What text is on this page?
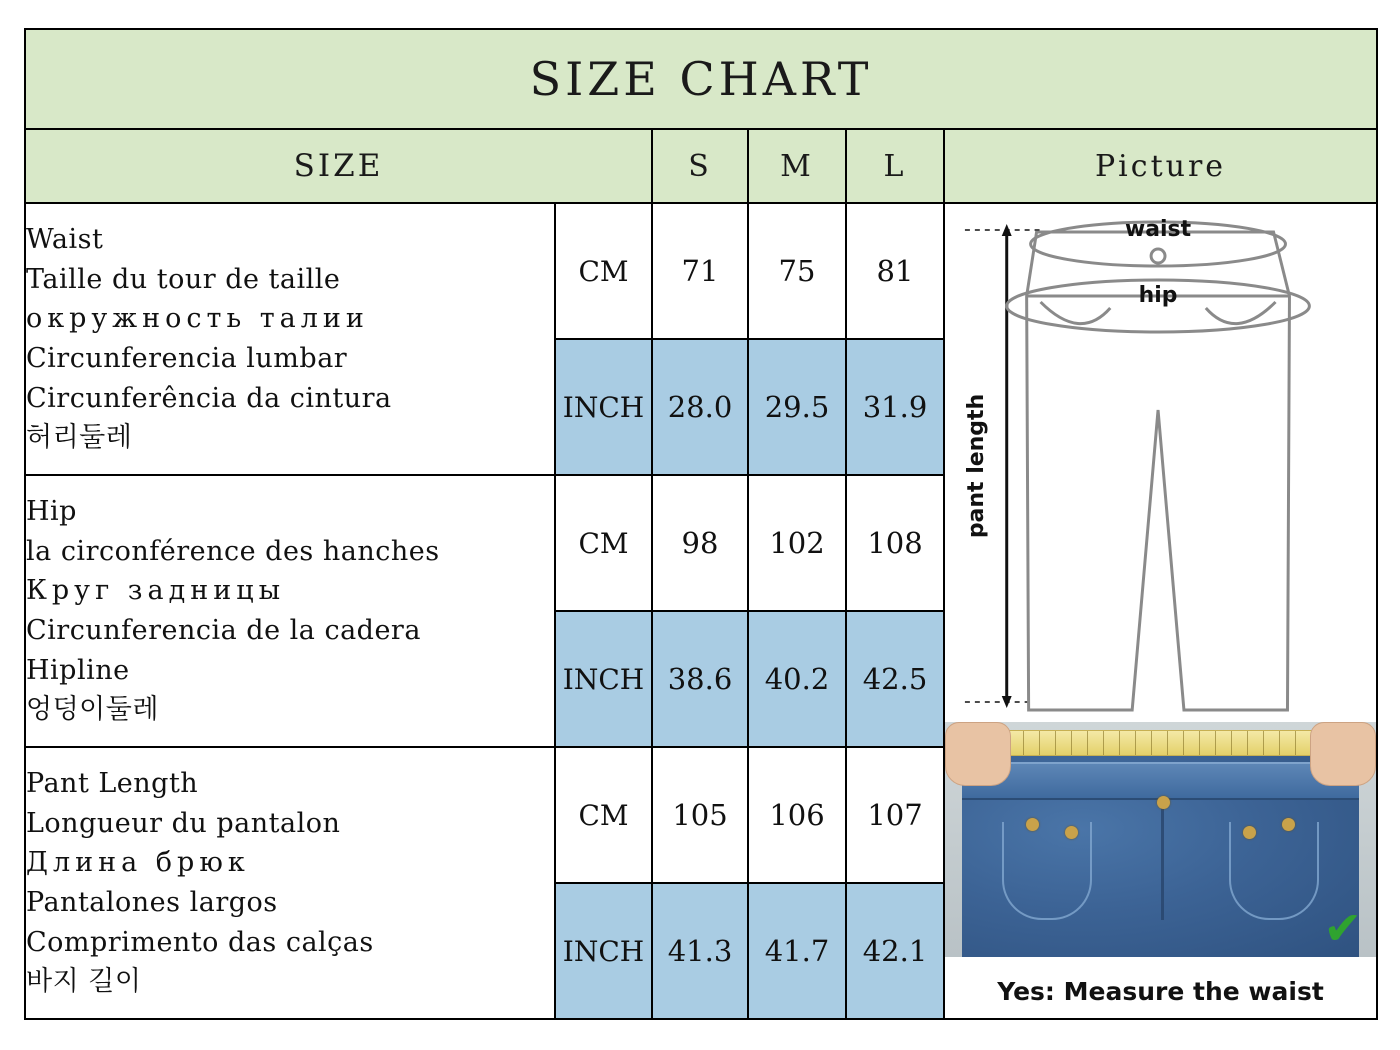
SIZE CHART					
SIZE		S	M	L	Picture

Waist
Taille du tour de taille
окружность талии
Circunferencia lumbar
Circunferência da cintura
허리둘레
	CM	71	75	81	
waist
hip
pant length
✔
Yes: Measure the waist

	INCH	28.0	29.5	31.9	

Hip
la circonférence des hanches
Круг задницы
Circunferencia de la cadera
Hipline
엉덩이둘레
	CM	98	102	108
	INCH	38.6	40.2	42.5	

Pant Length
Longueur du pantalon
Длина брюк
Pantalones largos
Comprimento das calças
바지 길이
	CM	105	106	107
	INCH	41.3	41.7	42.1	
